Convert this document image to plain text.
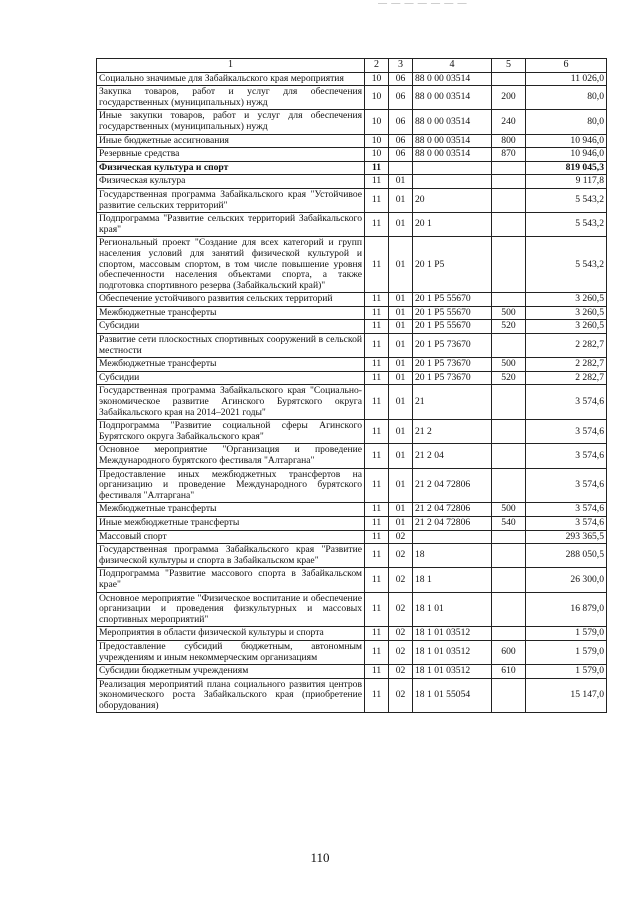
— — — — — — —
1	2	3	4	5	6
Социально значимые для Забайкальского края мероприятия	10	06	88 0 00 03514		11 026,0
Закупка товаров, работ и услуг для обеспечения государственных (муниципальных) нужд	10	06	88 0 00 03514	200	80,0
Иные закупки товаров, работ и услуг для обеспечения государственных (муниципальных) нужд	10	06	88 0 00 03514	240	80,0
Иные бюджетные ассигнования	10	06	88 0 00 03514	800	10 946,0
Резервные средства	10	06	88 0 00 03514	870	10 946,0
Физическая культура и спорт	11				819 045,3
Физическая культура	11	01			9 117,8
Государственная программа Забайкальского края "Устойчивое развитие сельских территорий"	11	01	20		5 543,2
Подпрограмма "Развитие сельских территорий Забайкальского края"	11	01	20 1		5 543,2
Региональный проект "Создание для всех категорий и групп населения условий для занятий физической культурой и спортом, массовым спортом, в том числе повышение уровня обеспеченности населения объектами спорта, а также подготовка спортивного резерва (Забайкальский край)"	11	01	20 1 P5		5 543,2
Обеспечение устойчивого развития сельских территорий	11	01	20 1 P5 55670		3 260,5
Межбюджетные трансферты	11	01	20 1 P5 55670	500	3 260,5
Субсидии	11	01	20 1 P5 55670	520	3 260,5
Развитие сети плоскостных спортивных сооружений в сельской местности	11	01	20 1 P5 73670		2 282,7
Межбюджетные трансферты	11	01	20 1 P5 73670	500	2 282,7
Субсидии	11	01	20 1 P5 73670	520	2 282,7
Государственная программа Забайкальского края "Социально-экономическое развитие Агинского Бурятского округа Забайкальского края на 2014–2021 годы"	11	01	21		3 574,6
Подпрограмма "Развитие социальной сферы Агинского Бурятского округа Забайкальского края"	11	01	21 2		3 574,6
Основное мероприятие "Организация и проведение Международного бурятского фестиваля "Алтаргана"	11	01	21 2 04		3 574,6
Предоставление иных межбюджетных трансфертов на организацию и проведение Международного бурятского фестиваля "Алтаргана"	11	01	21 2 04 72806		3 574,6
Межбюджетные трансферты	11	01	21 2 04 72806	500	3 574,6
Иные межбюджетные трансферты	11	01	21 2 04 72806	540	3 574,6
Массовый спорт	11	02			293 365,5
Государственная программа Забайкальского края "Развитие физической культуры и спорта в Забайкальском крае"	11	02	18		288 050,5
Подпрограмма "Развитие массового спорта в Забайкальском крае"	11	02	18 1		26 300,0
Основное мероприятие "Физическое воспитание и обеспечение организации и проведения физкультурных и массовых спортивных мероприятий"	11	02	18 1 01		16 879,0
Мероприятия в области физической культуры и спорта	11	02	18 1 01 03512		1 579,0
Предоставление субсидий бюджетным, автономным учреждениям и иным некоммерческим организациям	11	02	18 1 01 03512	600	1 579,0
Субсидии бюджетным учреждениям	11	02	18 1 01 03512	610	1 579,0
Реализация мероприятий плана социального развития центров экономического роста Забайкальского края (приобретение оборудования)	11	02	18 1 01 55054		15 147,0
110
